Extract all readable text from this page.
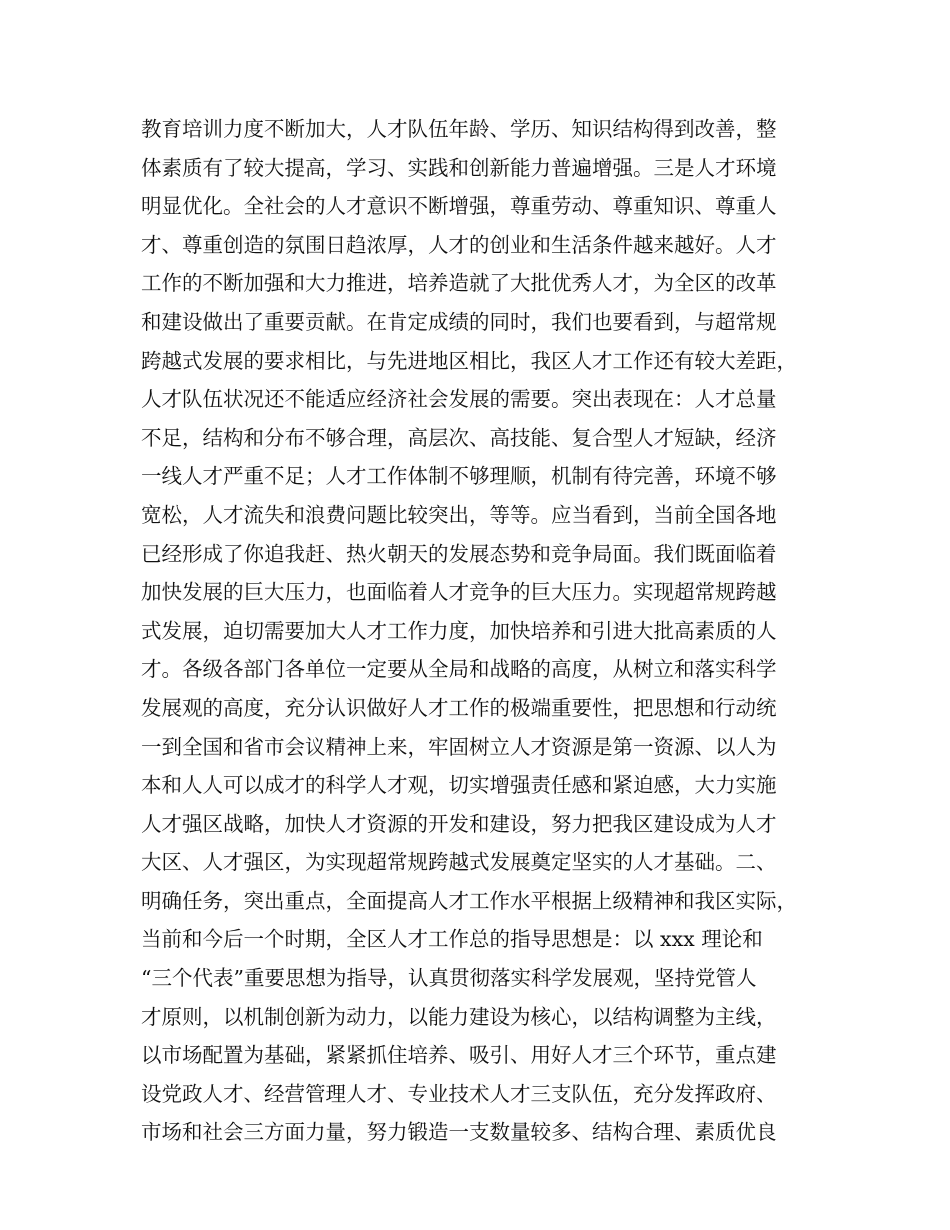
教育培训力度不断加大，人才队伍年龄、学历、知识结构得到改善，整
体素质有了较大提高，学习、实践和创新能力普遍增强。三是人才环境
明显优化。全社会的人才意识不断增强，尊重劳动、尊重知识、尊重人
才、尊重创造的氛围日趋浓厚，人才的创业和生活条件越来越好。人才
工作的不断加强和大力推进，培养造就了大批优秀人才，为全区的改革
和建设做出了重要贡献。在肯定成绩的同时，我们也要看到，与超常规
跨越式发展的要求相比，与先进地区相比，我区人才工作还有较大差距，
人才队伍状况还不能适应经济社会发展的需要。突出表现在：人才总量
不足，结构和分布不够合理，高层次、高技能、复合型人才短缺，经济
一线人才严重不足；人才工作体制不够理顺，机制有待完善，环境不够
宽松，人才流失和浪费问题比较突出，等等。应当看到，当前全国各地
已经形成了你追我赶、热火朝天的发展态势和竞争局面。我们既面临着
加快发展的巨大压力，也面临着人才竞争的巨大压力。实现超常规跨越
式发展，迫切需要加大人才工作力度，加快培养和引进大批高素质的人
才。各级各部门各单位一定要从全局和战略的高度，从树立和落实科学
发展观的高度，充分认识做好人才工作的极端重要性，把思想和行动统
一到全国和省市会议精神上来，牢固树立人才资源是第一资源、以人为
本和人人可以成才的科学人才观，切实增强责任感和紧迫感，大力实施
人才强区战略，加快人才资源的开发和建设，努力把我区建设成为人才
大区、人才强区，为实现超常规跨越式发展奠定坚实的人才基础。二、
明确任务，突出重点，全面提高人才工作水平根据上级精神和我区实际，
当前和今后一个时期，全区人才工作总的指导思想是：以 xxx 理论和
“三个代表”重要思想为指导，认真贯彻落实科学发展观，坚持党管人
才原则，以机制创新为动力，以能力建设为核心，以结构调整为主线，
以市场配置为基础，紧紧抓住培养、吸引、用好人才三个环节，重点建
设党政人才、经营管理人才、专业技术人才三支队伍，充分发挥政府、
市场和社会三方面力量，努力锻造一支数量较多、结构合理、素质优良
